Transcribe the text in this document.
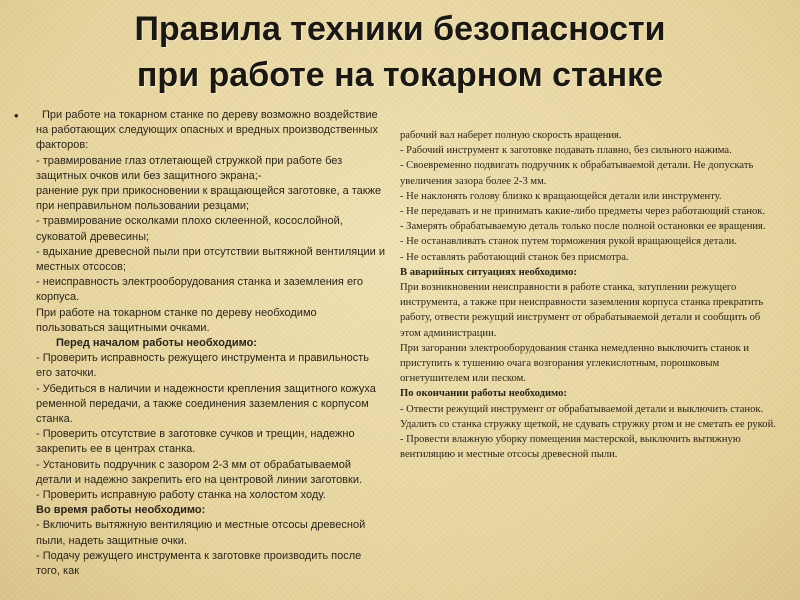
Правила техники безопасности
при работе на токарном станке
•	При работе на токарном станке по дереву возможно воздействие на работающих следующих опасных и вредных производственных факторов:

- травмирование глаз отлетающей стружкой при работе без защитных очков или без защитного экрана;-

ранение рук при прикосновении к вращающейся заготовке, а также при неправильном пользовании резцами;

- травмирование осколками плохо склеенной, косослойной, суковатой древесины;

- вдыхание древесной пыли при отсутствии вытяжной вентиляции и местных отсосов;

- неисправность электрооборудования станка и заземления его корпуса.

При работе на токарном станке по дереву необходимо пользоваться защитными очками.

Перед началом работы необходимо:

- Проверить исправность режущего инструмента и правильность его заточки.

- Убедиться в наличии и надежности крепления защитного кожуха ременной передачи, а также соединения заземления с корпусом станка.

- Проверить отсутствие в заготовке сучков и трещин, надежно закрепить ее в центрах станка.

- Установить подручник с зазором 2-3 мм от обрабатываемой детали и надежно закрепить его на центровой линии заготовки.

- Проверить исправную работу станка на холостом ходу.

Во время работы необходимо:

- Включить вытяжную вентиляцию и местные отсосы древесной пыли, надеть защитные очки.

- Подачу режущего инструмента к заготовке производить после того, как

рабочий вал наберет полную скорость вращения.

- Рабочий инструмент к заготовке подавать плавно, без сильного нажима.

- Своевременно подвигать подручник к обрабатываемой детали. Не допускать увеличения зазора более 2-3 мм.

- Не наклонять голову близко к вращающейся детали или инструменту.

- Не передавать и не принимать какие-либо предметы через работающий станок.

- Замерять обрабатываемую деталь только после полной остановки ее вращения.

- Не останавливать станок путем торможения рукой вращающейся детали.

- Не оставлять работающий станок без присмотра.

В аварийных ситуациях необходимо:

При возникновении неисправности в работе станка, затуплении режущего инструмента, а также при неисправности заземления корпуса станка прекратить работу, отвести режущий инструмент от обрабатываемой детали и сообщить об этом администрации.

При загорании электрооборудования станка немедленно выключить станок и приступить к тушению очага возгорания углекислотным, порошковым огнетушителем или песком.

По окончании работы необходимо:

- Отвести режущий инструмент от обрабатываемой детали и выключить станок. Удалить со станка стружку щеткой, не сдувать стружку ртом и не сметать ее рукой.

- Провести влажную уборку помещения мастерской, выключить вытяжную вентиляцию и местные отсосы древесной пыли.
